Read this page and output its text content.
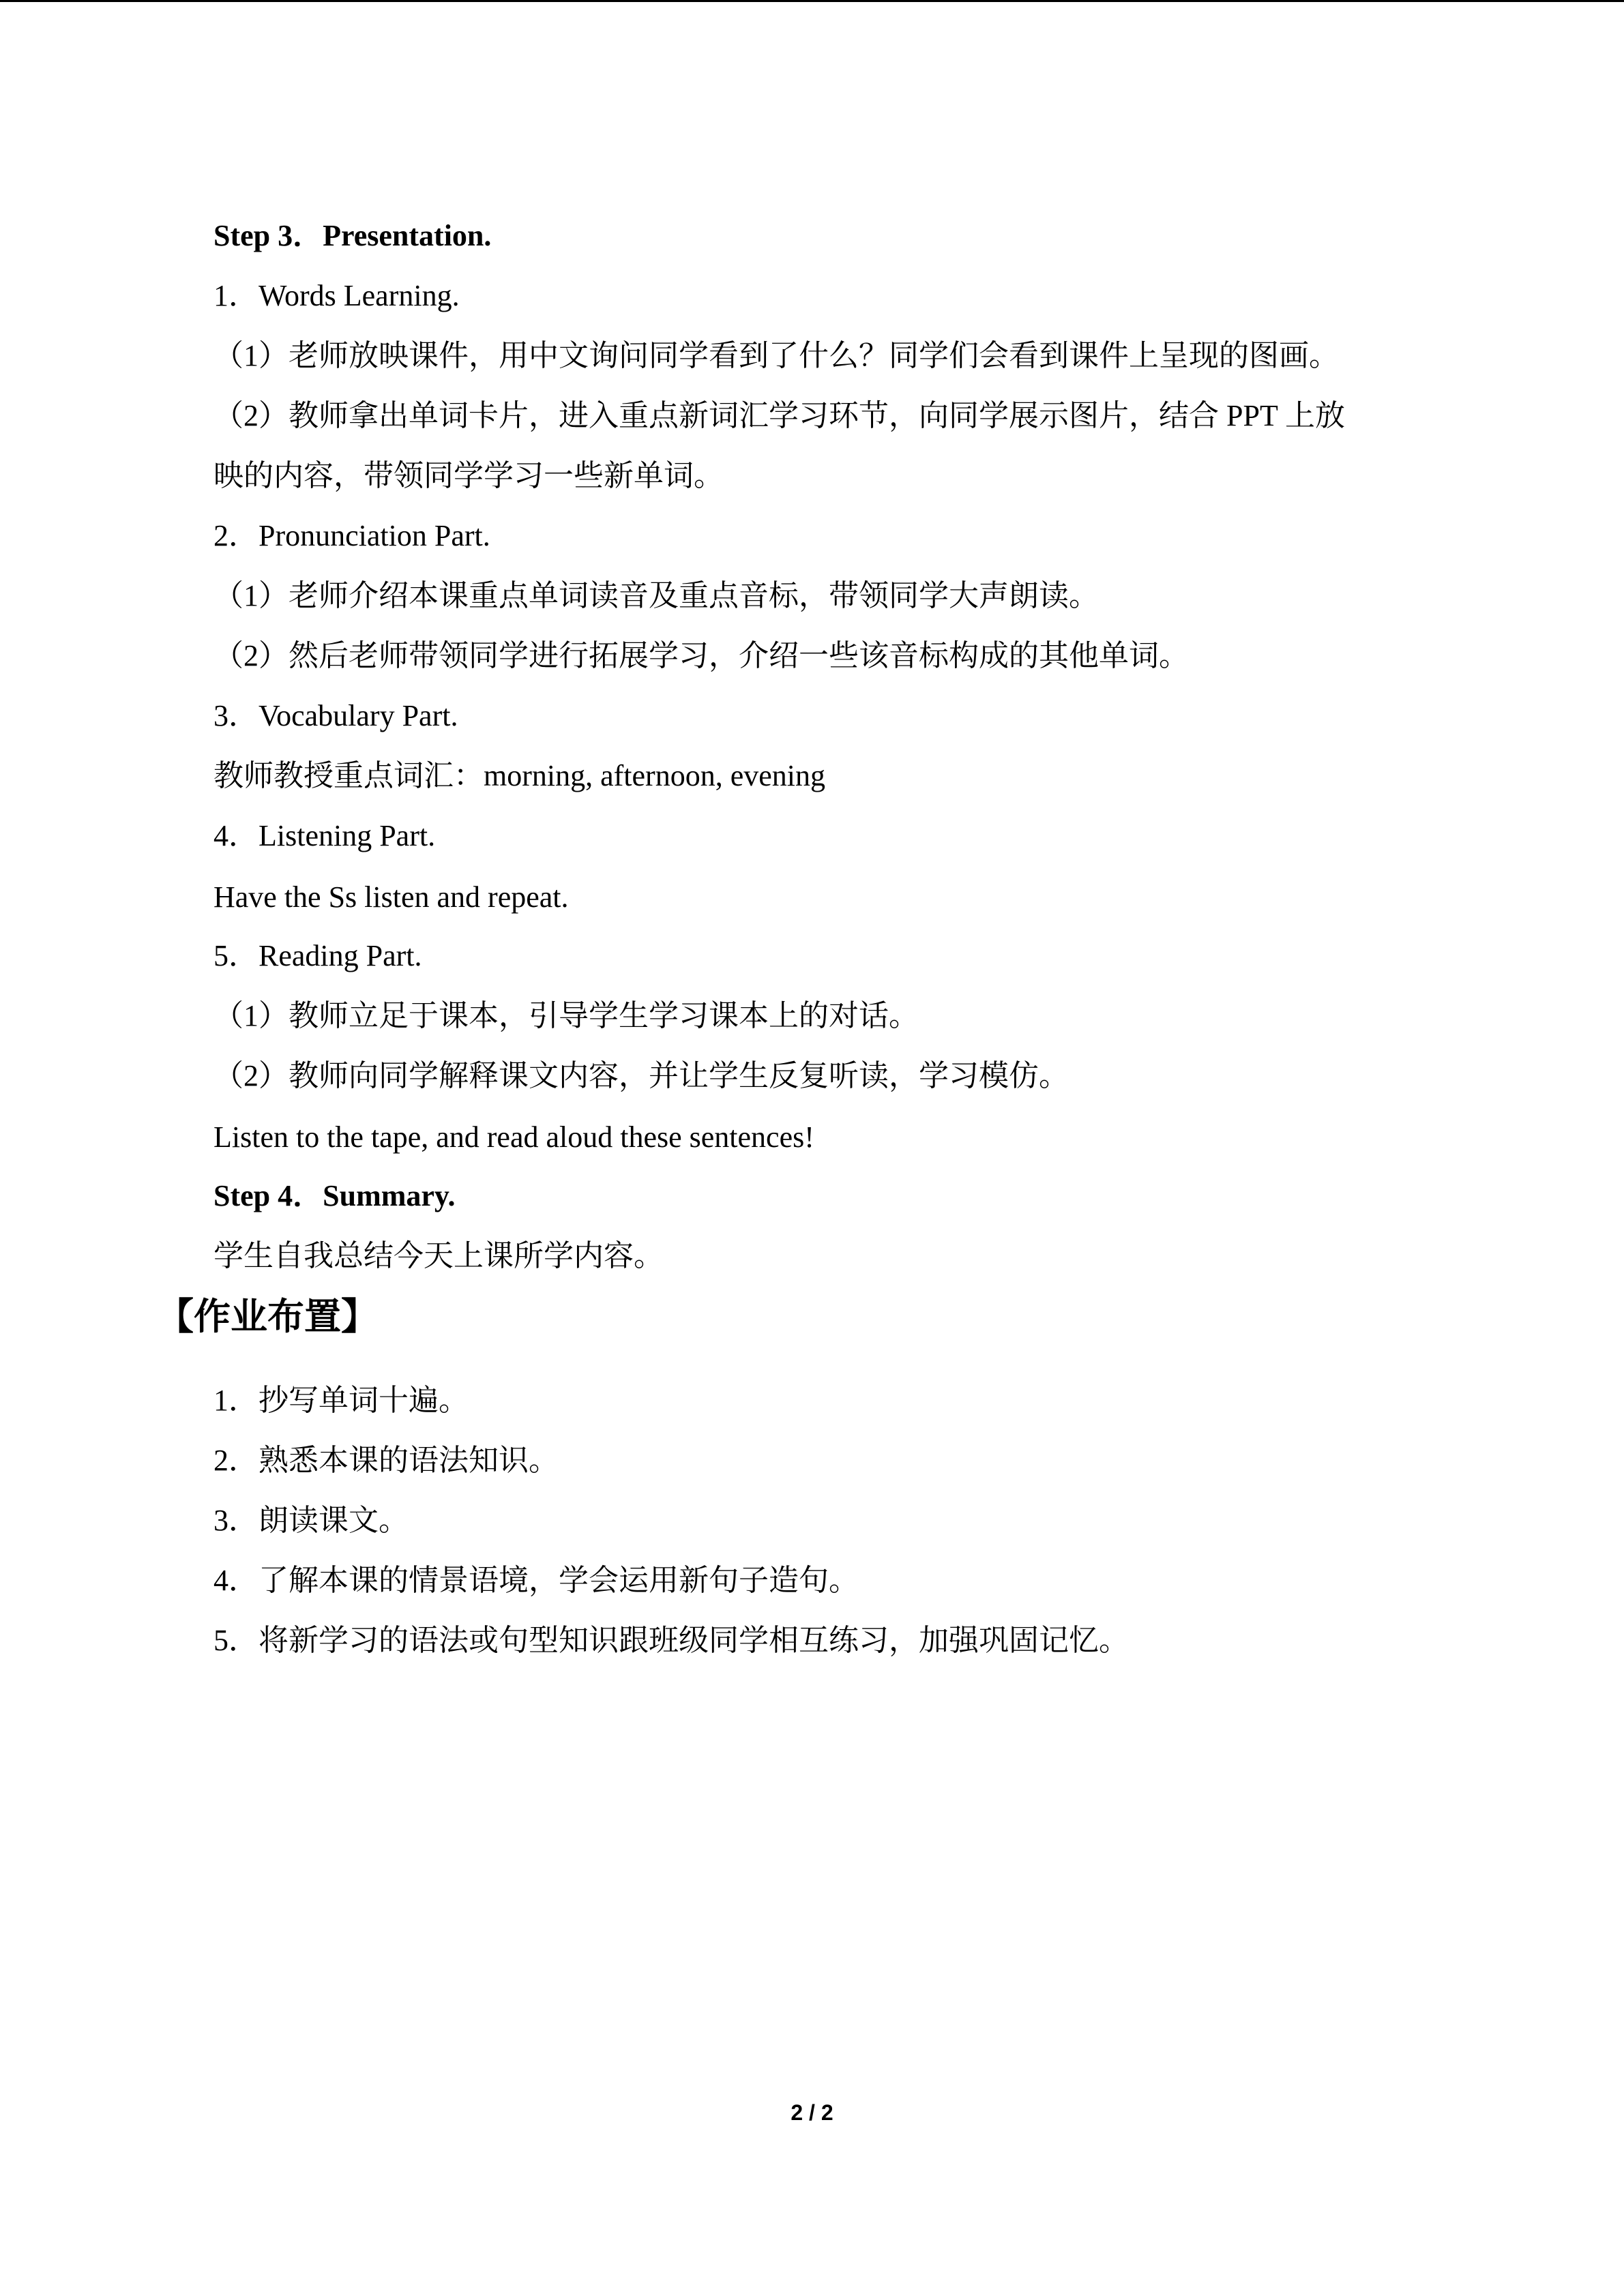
Step 3．Presentation.
1．Words Learning.
（1）老师放映课件，用中文询问同学看到了什么？同学们会看到课件上呈现的图画。
（2）教师拿出单词卡片，进入重点新词汇学习环节，向同学展示图片，结合 PPT 上放
映的内容，带领同学学习一些新单词。
2．Pronunciation Part.
（1）老师介绍本课重点单词读音及重点音标，带领同学大声朗读。
（2）然后老师带领同学进行拓展学习，介绍一些该音标构成的其他单词。
3．Vocabulary Part.
教师教授重点词汇：morning, afternoon, evening
4．Listening Part.
Have the Ss listen and repeat.
5．Reading Part.
（1）教师立足于课本，引导学生学习课本上的对话。
（2）教师向同学解释课文内容，并让学生反复听读，学习模仿。
Listen to the tape, and read aloud these sentences!
Step 4．Summary.
学生自我总结今天上课所学内容。
【作业布置】
1．抄写单词十遍。
2．熟悉本课的语法知识。
3．朗读课文。
4．了解本课的情景语境，学会运用新句子造句。
5．将新学习的语法或句型知识跟班级同学相互练习，加强巩固记忆。
2 / 2
